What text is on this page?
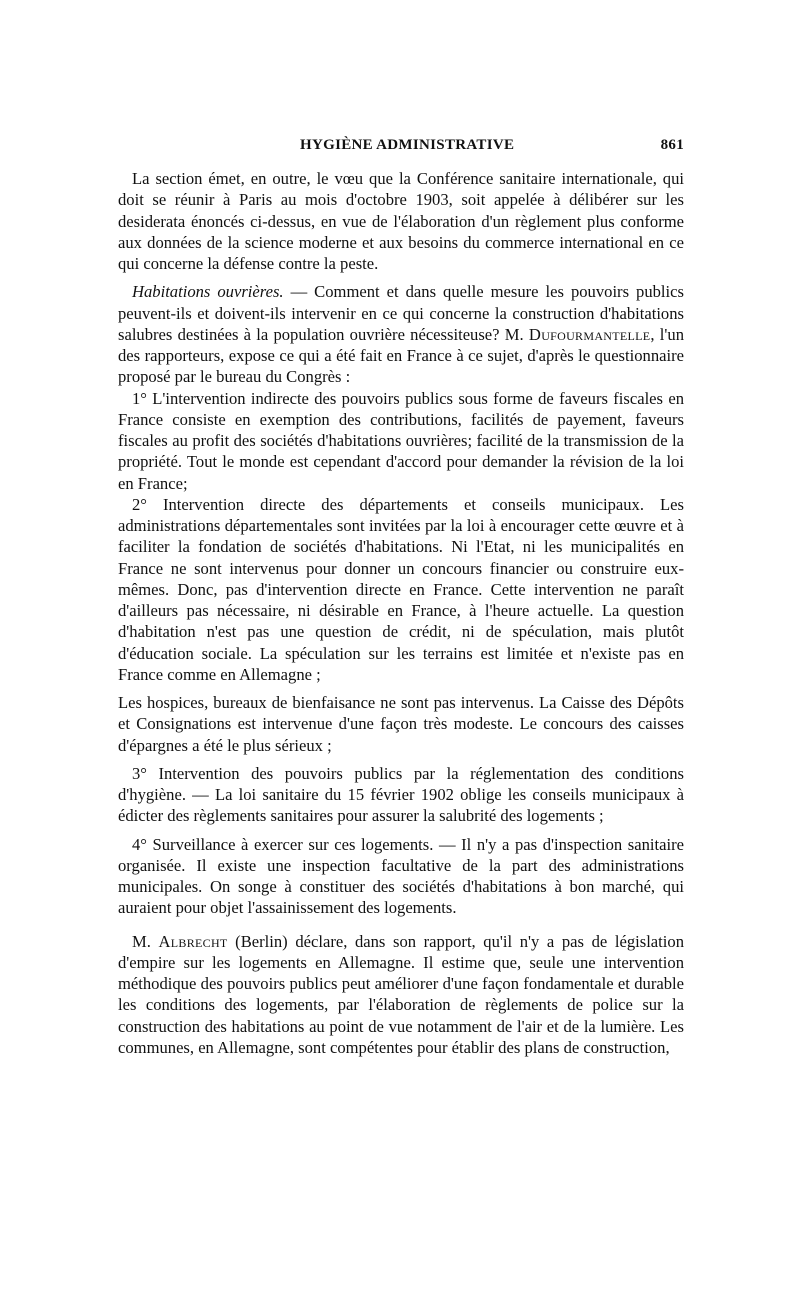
HYGIÈNE ADMINISTRATIVE	861

La section émet, en outre, le vœu que la Conférence sanitaire internationale, qui doit se réunir à Paris au mois d'octobre 1903, soit appelée à délibérer sur les desiderata énoncés ci-dessus, en vue de l'élaboration d'un règlement plus conforme aux données de la science moderne et aux besoins du commerce international en ce qui concerne la défense contre la peste.

Habitations ouvrières. — Comment et dans quelle mesure les pouvoirs publics peuvent-ils et doivent-ils intervenir en ce qui concerne la construction d'habitations salubres destinées à la population ouvrière nécessiteuse? M. Dufourmantelle, l'un des rapporteurs, expose ce qui a été fait en France à ce sujet, d'après le questionnaire proposé par le bureau du Congrès :

1° L'intervention indirecte des pouvoirs publics sous forme de faveurs fiscales en France consiste en exemption des contributions, facilités de payement, faveurs fiscales au profit des sociétés d'habitations ouvrières; facilité de la transmission de la propriété. Tout le monde est cependant d'accord pour demander la révision de la loi en France;

2° Intervention directe des départements et conseils municipaux. Les administrations départementales sont invitées par la loi à encourager cette œuvre et à faciliter la fondation de sociétés d'habitations. Ni l'Etat, ni les municipalités en France ne sont intervenus pour donner un concours financier ou construire eux-mêmes. Donc, pas d'intervention directe en France. Cette intervention ne paraît d'ailleurs pas nécessaire, ni désirable en France, à l'heure actuelle. La question d'habitation n'est pas une question de crédit, ni de spéculation, mais plutôt d'éducation sociale. La spéculation sur les terrains est limitée et n'existe pas en France comme en Allemagne ;

Les hospices, bureaux de bienfaisance ne sont pas intervenus. La Caisse des Dépôts et Consignations est intervenue d'une façon très modeste. Le concours des caisses d'épargnes a été le plus sérieux ;

3° Intervention des pouvoirs publics par la réglementation des conditions d'hygiène. — La loi sanitaire du 15 février 1902 oblige les conseils municipaux à édicter des règlements sanitaires pour assurer la salubrité des logements ;

4° Surveillance à exercer sur ces logements. — Il n'y a pas d'inspection sanitaire organisée. Il existe une inspection facultative de la part des administrations municipales. On songe à constituer des sociétés d'habitations à bon marché, qui auraient pour objet l'assainissement des logements.

M. Albrecht (Berlin) déclare, dans son rapport, qu'il n'y a pas de législation d'empire sur les logements en Allemagne. Il estime que, seule une intervention méthodique des pouvoirs publics peut améliorer d'une façon fondamentale et durable les conditions des logements, par l'élaboration de règlements de police sur la construction des habitations au point de vue notamment de l'air et de la lumière. Les communes, en Allemagne, sont compétentes pour établir des plans de construction,
